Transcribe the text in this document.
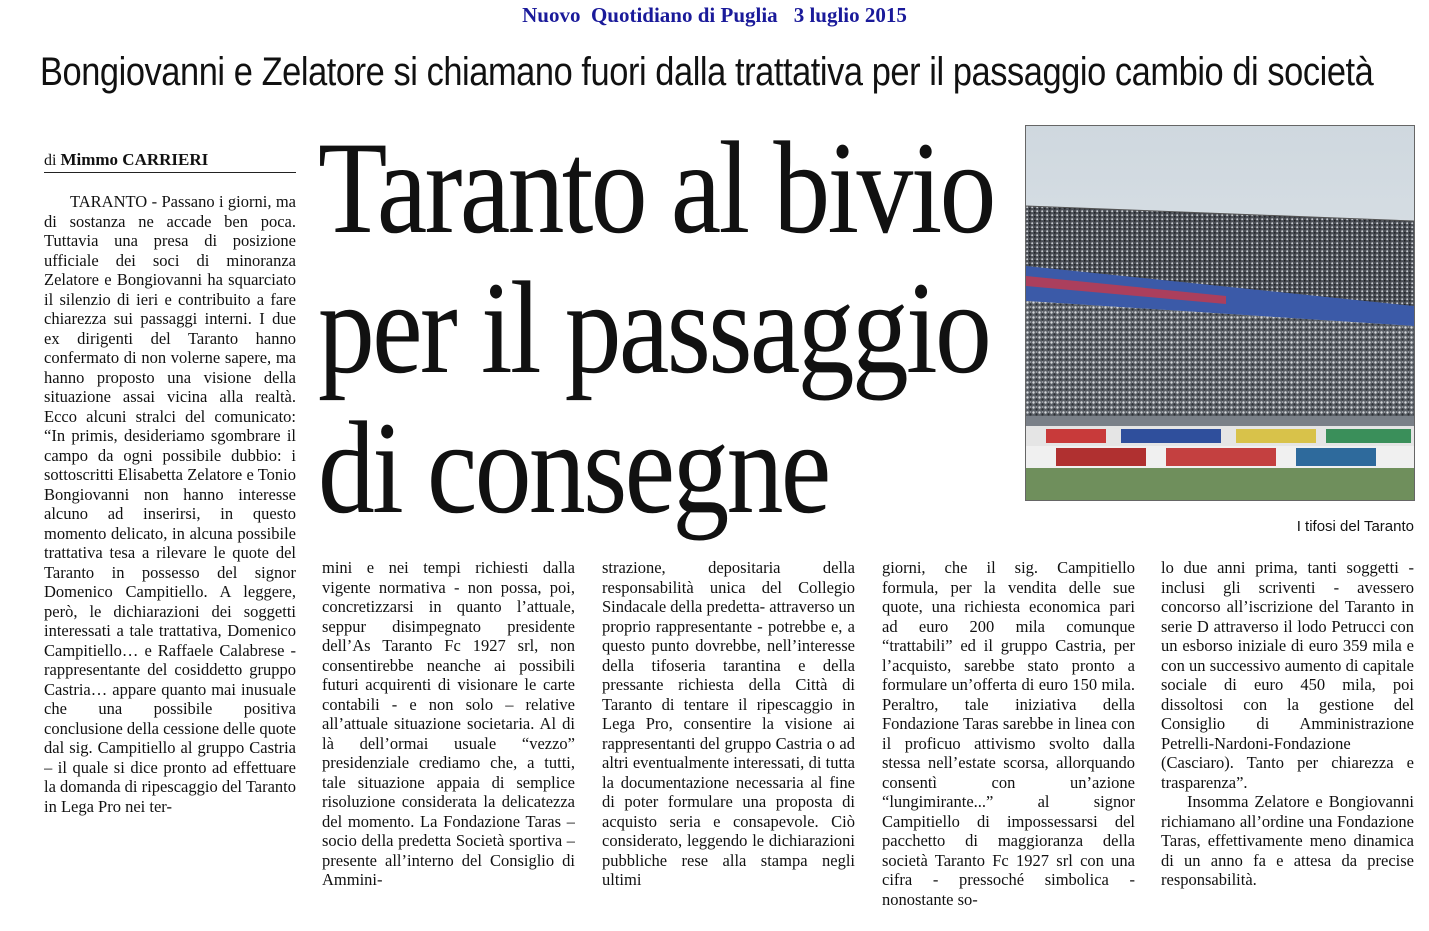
Nuovo  Quotidiano di Puglia 3 luglio 2015
Bongiovanni e Zelatore si chiamano fuori dalla trattativa per il passaggio cambio di società
di Mimmo CARRIERI Taranto al bivio
per il passaggio
di consegne	I tifosi del Taranto

TARANTO - Passano i giorni, ma di sostanza ne accade ben poca. Tuttavia una presa di posizione ufficiale dei soci di minoranza Zelatore e Bongiovanni ha squarciato il silenzio di ieri e contribuito a fare chiarezza sui passaggi interni. I due ex dirigenti del Taranto hanno confermato di non volerne sapere, ma hanno proposto una visione della situazione assai vicina alla realtà. Ecco alcuni stralci del comunicato: “In primis, desideriamo sgombrare il campo da ogni possibile dubbio: i sottoscritti Elisabetta Zelatore e Tonio Bongiovanni non hanno interesse alcuno ad inserirsi, in questo momento delicato, in alcuna possibile trattativa tesa a rilevare le quote del Taranto in possesso del signor Domenico Campitiello. A leggere, però, le dichiarazioni dei soggetti interessati a tale trattativa, Domenico Campitiello… e Raffaele Calabrese - rappresentante del cosiddetto gruppo Castria… appare quanto mai inusuale che una possibile positiva conclusione della cessione delle quote dal sig. Campitiello al gruppo Castria – il quale si dice pronto ad effettuare la domanda di ripescaggio del Taranto in Lega Pro nei ter-

mini e nei tempi richiesti dalla vigente normativa - non possa, poi, concretizzarsi in quanto l’attuale, seppur disimpegnato presidente dell’As Taranto Fc 1927 srl, non consentirebbe neanche ai possibili futuri acquirenti di visionare le carte contabili - e non solo – relative all’attuale situazione societaria. Al di là dell’ormai usuale “vezzo” presidenziale crediamo che, a tutti, tale situazione appaia di semplice risoluzione considerata la delicatezza del momento. La Fondazione Taras – socio della predetta Società sportiva – presente all’interno del Consiglio di Ammini-

strazione, depositaria della responsabilità unica del Collegio Sindacale della predetta- attraverso un proprio rappresentante - potrebbe e, a questo punto dovrebbe, nell’interesse della tifoseria tarantina e della pressante richiesta della Città di Taranto di tentare il ripescaggio in Lega Pro, consentire la visione ai rappresentanti del gruppo Castria o ad altri eventualmente interessati, di tutta la documentazione necessaria al fine di poter formulare una proposta di acquisto seria e consapevole. Ciò considerato, leggendo le dichiarazioni pubbliche rese alla stampa negli ultimi

giorni, che il sig. Campitiello formula, per la vendita delle sue quote, una richiesta economica pari ad euro 200 mila comunque “trattabili” ed il gruppo Castria, per l’acquisto, sarebbe stato pronto a formulare un’offerta di euro 150 mila. Peraltro, tale iniziativa della Fondazione Taras sarebbe in linea con il proficuo attivismo svolto dalla stessa nell’estate scorsa, allorquando consentì con un’azione “lungimirante...” al signor Campitiello di impossessarsi del pacchetto di maggioranza della società Taranto Fc 1927 srl con una cifra - pressoché simbolica - nonostante so-

lo due anni prima, tanti soggetti - inclusi gli scriventi - avessero concorso all’iscrizione del Taranto in serie D attraverso il lodo Petrucci con un esborso iniziale di euro 359 mila e con un successivo aumento di capitale sociale di euro 450 mila, poi dissoltosi con la gestione del Consiglio di Amministrazione Petrelli-Nardoni-Fondazione (Casciaro). Tanto per chiarezza e trasparenza”.

Insomma Zelatore e Bongiovanni richiamano all’ordine una Fondazione Taras, effettivamente meno dinamica di un anno fa e attesa da precise responsabilità.
